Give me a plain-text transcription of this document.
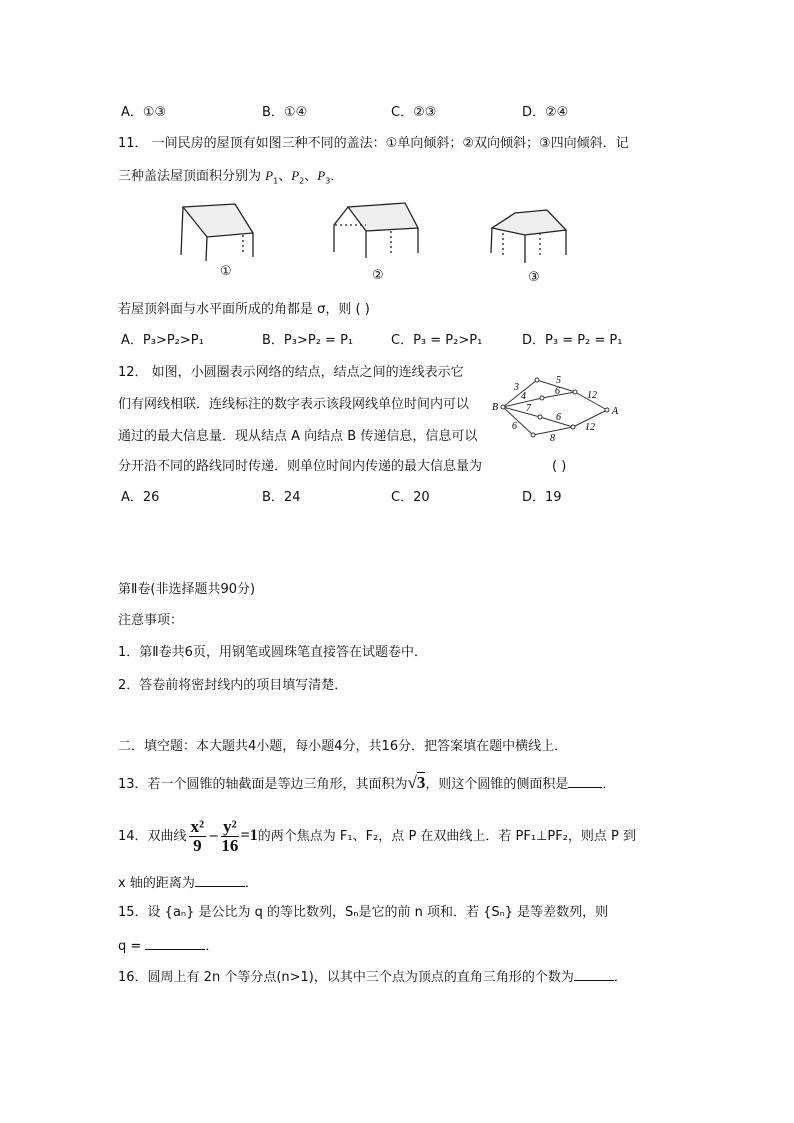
A．①③	B．①④	C．②③	D．②④
11． 一间民房的屋顶有如图三种不同的盖法：①单向倾斜；②双向倾斜；③四向倾斜．记
三种盖法屋顶面积分别为 $P_1$、$P_2$、$P_3$．
①	②	③
若屋顶斜面与水平面所成的角都是 σ，则 ( )
A．P₃>P₂>P₁	B．P₃>P₂ = P₁	C．P₃ = P₂>P₁	D．P₃ = P₂ = P₁
12． 如图，小圆圈表示网络的结点，结点之间的连线表示它
们有网线相联．连线标注的数字表示该段网线单位时间内可以
通过的最大信息量．现从结点 A 向结点 B 传递信息，信息可以
分开沿不同的路线同时传递．则单位时间内传递的最大信息量为	( )
B	A
3
5
4	6	12
7
6
6
8
12
A．26	B．24	C．20	D．19
第Ⅱ卷(非选择题共90分)
注意事项：
1．第Ⅱ卷共6页，用钢笔或圆珠笔直接答在试题卷中．
2．答卷前将密封线内的项目填写清楚．
二．填空题：本大题共4小题，每小题4分，共16分．把答案填在题中横线上．
13．若一个圆锥的轴截面是等边三角形，其面积为√3，则这个圆锥的侧面积是	．
14．双曲线 $\frac{\text{x²}}{9} - \frac{\text{y²}}{16} =1$的两个焦点为 F₁、F₂，点 P 在双曲线上．若 PF₁⊥PF₂，则点 P 到
x 轴的距离为	．
15．设 {aₙ} 是公比为 q 的等比数列，Sₙ是它的前 n 项和．若 {Sₙ} 是等差数列，则
q =	．
16．圆周上有 2n 个等分点(n>1)，以其中三个点为顶点的直角三角形的个数为	．
